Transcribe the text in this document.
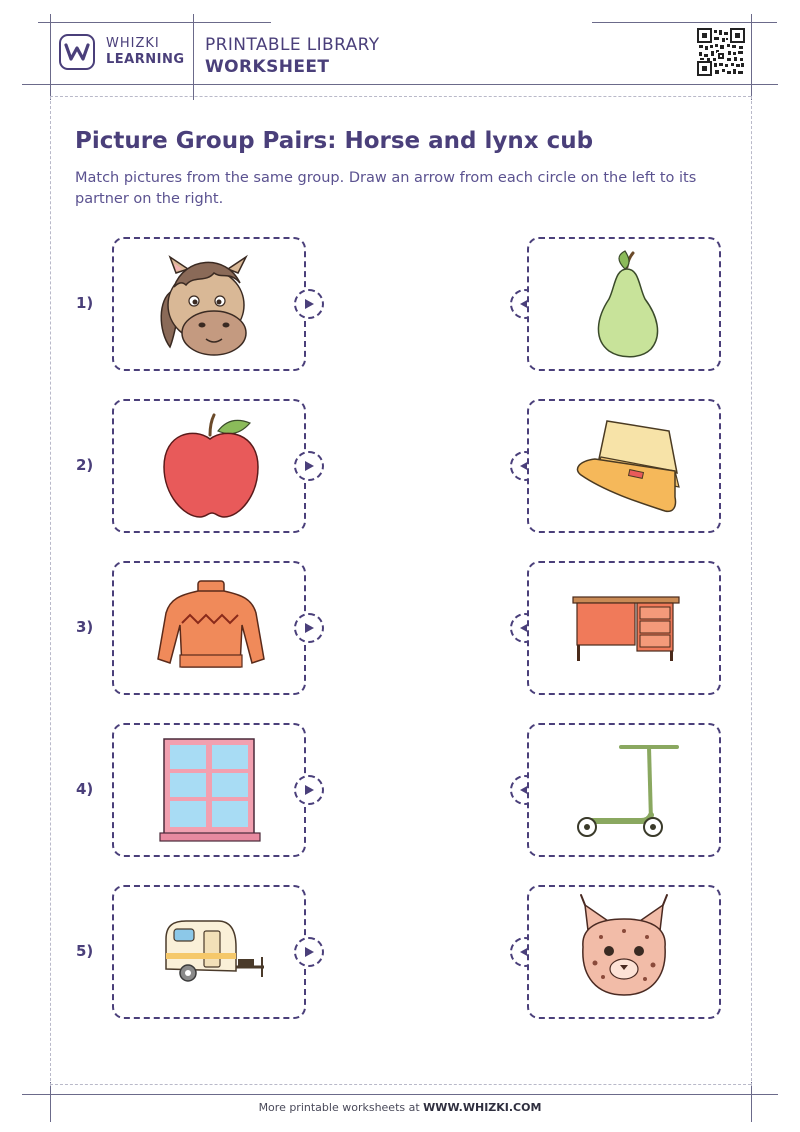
WHIZKI
LEARNING
PRINTABLE LIBRARY
WORKSHEET
Picture Group Pairs: Horse and lynx cub

Match pictures from the same group. Draw an arrow from each circle on the left to its partner on the right.

1)
2)
3)
4)
5)
More printable worksheets at WWW.WHIZKI.COM
